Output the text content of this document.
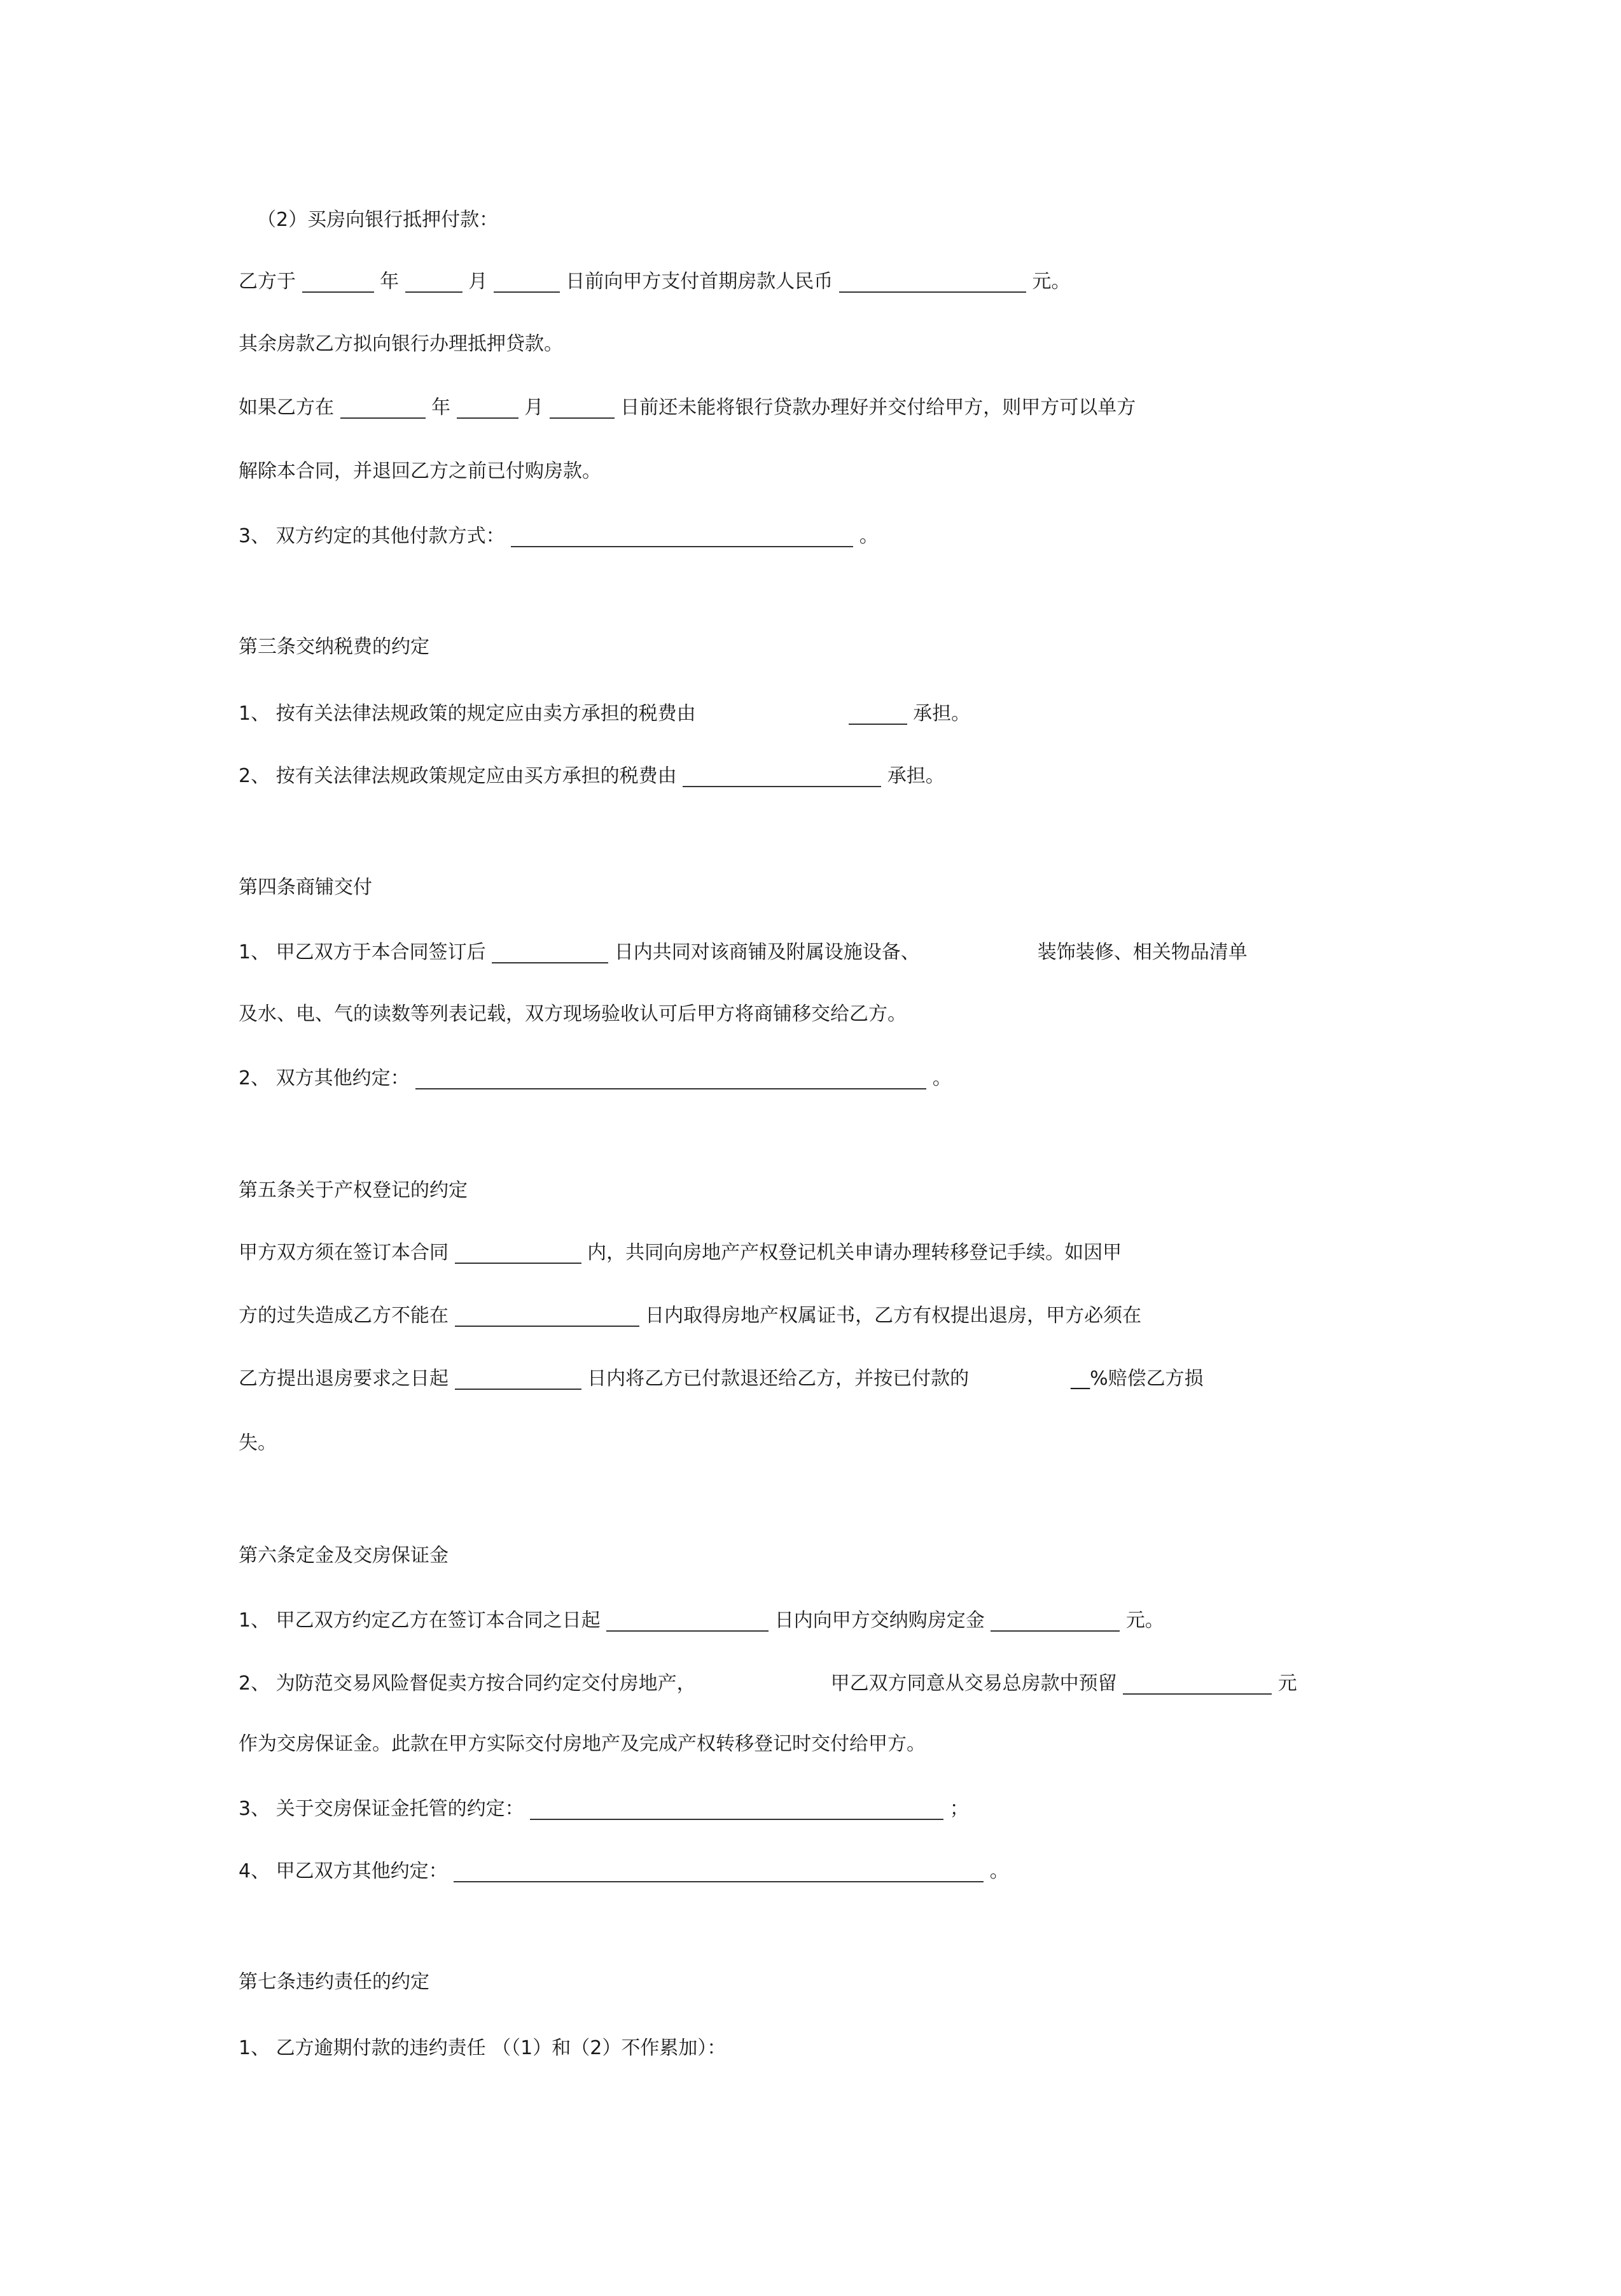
（2）买房向银行抵押付款：

乙方于	年	月	日前向甲方支付首期房款人民币	元。

其余房款乙方拟向银行办理抵押贷款。

如果乙方在	年	月	日前还未能将银行贷款办理好并交付给甲方，则甲方可以单方

解除本合同，并退回乙方之前已付购房款。

3、 双方约定的其他付款方式：	。

第三条交纳税费的约定

1、 按有关法律法规政策的规定应由卖方承担的税费由	承担。

2、 按有关法律法规政策规定应由买方承担的税费由	承担。

第四条商铺交付

1、 甲乙双方于本合同签订后	日内共同对该商铺及附属设施设备、	装饰装修、相关物品清单

及水、电、气的读数等列表记载，双方现场验收认可后甲方将商铺移交给乙方。

2、 双方其他约定：	。

第五条关于产权登记的约定

甲方双方须在签订本合同	内，共同向房地产产权登记机关申请办理转移登记手续。如因甲

方的过失造成乙方不能在	日内取得房地产权属证书，乙方有权提出退房，甲方必须在

乙方提出退房要求之日起	日内将乙方已付款退还给乙方，并按已付款的	__%赔偿乙方损

失。

第六条定金及交房保证金

1、 甲乙双方约定乙方在签订本合同之日起	日内向甲方交纳购房定金	元。

2、 为防范交易风险督促卖方按合同约定交付房地产，	甲乙双方同意从交易总房款中预留	元

作为交房保证金。此款在甲方实际交付房地产及完成产权转移登记时交付给甲方。

3、 关于交房保证金托管的约定：	；

4、 甲乙双方其他约定：	。

第七条违约责任的约定

1、 乙方逾期付款的违约责任 （（1）和（2）不作累加）：
